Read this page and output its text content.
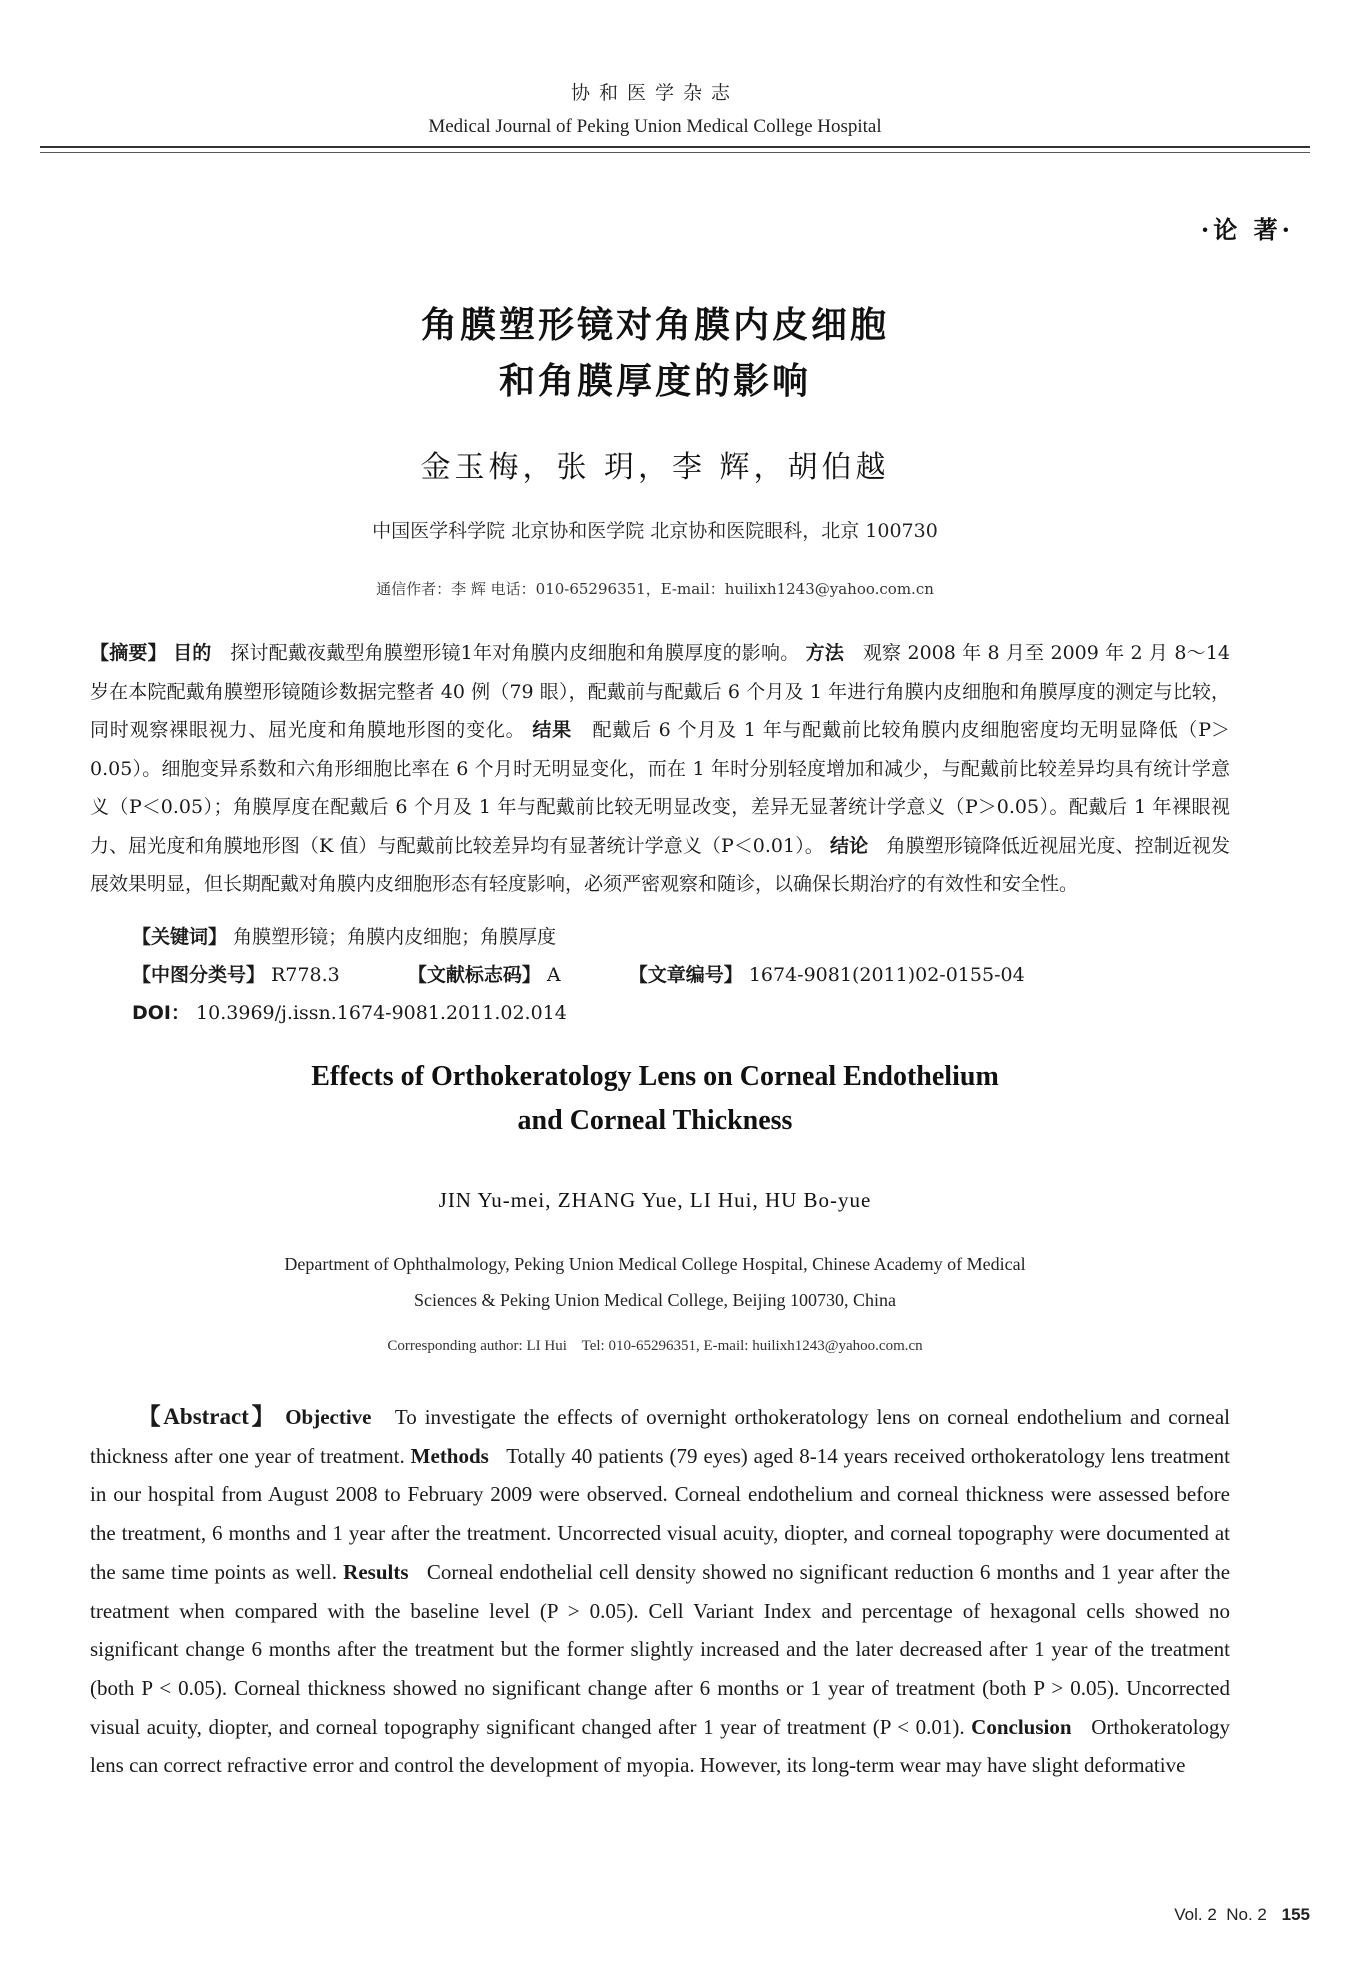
协和医学杂志
Medical Journal of Peking Union Medical College Hospital
·论 著·
角膜塑形镜对角膜内皮细胞
和角膜厚度的影响
金玉梅，张 玥，李 辉，胡伯越
中国医学科学院 北京协和医学院 北京协和医院眼科，北京 100730
通信作者：李 辉 电话：010-65296351，E-mail：huilixh1243@yahoo.com.cn
【摘要】 目的 探讨配戴夜戴型角膜塑形镜1年对角膜内皮细胞和角膜厚度的影响。 方法 观察 2008 年 8 月至 2009 年 2 月 8～14 岁在本院配戴角膜塑形镜随诊数据完整者 40 例（79 眼），配戴前与配戴后 6 个月及 1 年进行角膜内皮细胞和角膜厚度的测定与比较，同时观察裸眼视力、屈光度和角膜地形图的变化。 结果 配戴后 6 个月及 1 年与配戴前比较角膜内皮细胞密度均无明显降低（P＞0.05）。细胞变异系数和六角形细胞比率在 6 个月时无明显变化，而在 1 年时分别轻度增加和减少，与配戴前比较差异均具有统计学意义（P＜0.05）；角膜厚度在配戴后 6 个月及 1 年与配戴前比较无明显改变，差异无显著统计学意义（P＞0.05）。配戴后 1 年裸眼视力、屈光度和角膜地形图（K 值）与配戴前比较差异均有显著统计学意义（P＜0.01）。 结论 角膜塑形镜降低近视屈光度、控制近视发展效果明显，但长期配戴对角膜内皮细胞形态有轻度影响，必须严密观察和随诊，以确保长期治疗的有效性和安全性。
【关键词】 角膜塑形镜；角膜内皮细胞；角膜厚度
【中图分类号】 R778.3	【文献标志码】 A	【文章编号】 1674-9081(2011)02-0155-04
DOI： 10.3969/j.issn.1674-9081.2011.02.014
Effects of Orthokeratology Lens on Corneal Endothelium
and Corneal Thickness
JIN Yu-mei, ZHANG Yue, LI Hui, HU Bo-yue
Department of Ophthalmology, Peking Union Medical College Hospital, Chinese Academy of Medical
Sciences & Peking Union Medical College, Beijing 100730, China
Corresponding author: LI Hui    Tel: 010-65296351, E-mail: huilixh1243@yahoo.com.cn
【Abstract】 Objective To investigate the effects of overnight orthokeratology lens on corneal endothelium and corneal thickness after one year of treatment. Methods Totally 40 patients (79 eyes) aged 8-14 years received orthokeratology lens treatment in our hospital from August 2008 to February 2009 were observed. Corneal endothelium and corneal thickness were assessed before the treatment, 6 months and 1 year after the treatment. Uncorrected visual acuity, diopter, and corneal topography were documented at the same time points as well. Results Corneal endothelial cell density showed no significant reduction 6 months and 1 year after the treatment when compared with the baseline level (P > 0.05). Cell Variant Index and percentage of hexagonal cells showed no significant change 6 months after the treatment but the former slightly increased and the later decreased after 1 year of the treatment (both P < 0.05). Corneal thickness showed no significant change after 6 months or 1 year of treatment (both P > 0.05). Uncorrected visual acuity, diopter, and corneal topography significant changed after 1 year of treatment (P < 0.01). Conclusion Orthokeratology lens can correct refractive error and control the development of myopia. However, its long-term wear may have slight deformative
Vol. 2  No. 2 155
